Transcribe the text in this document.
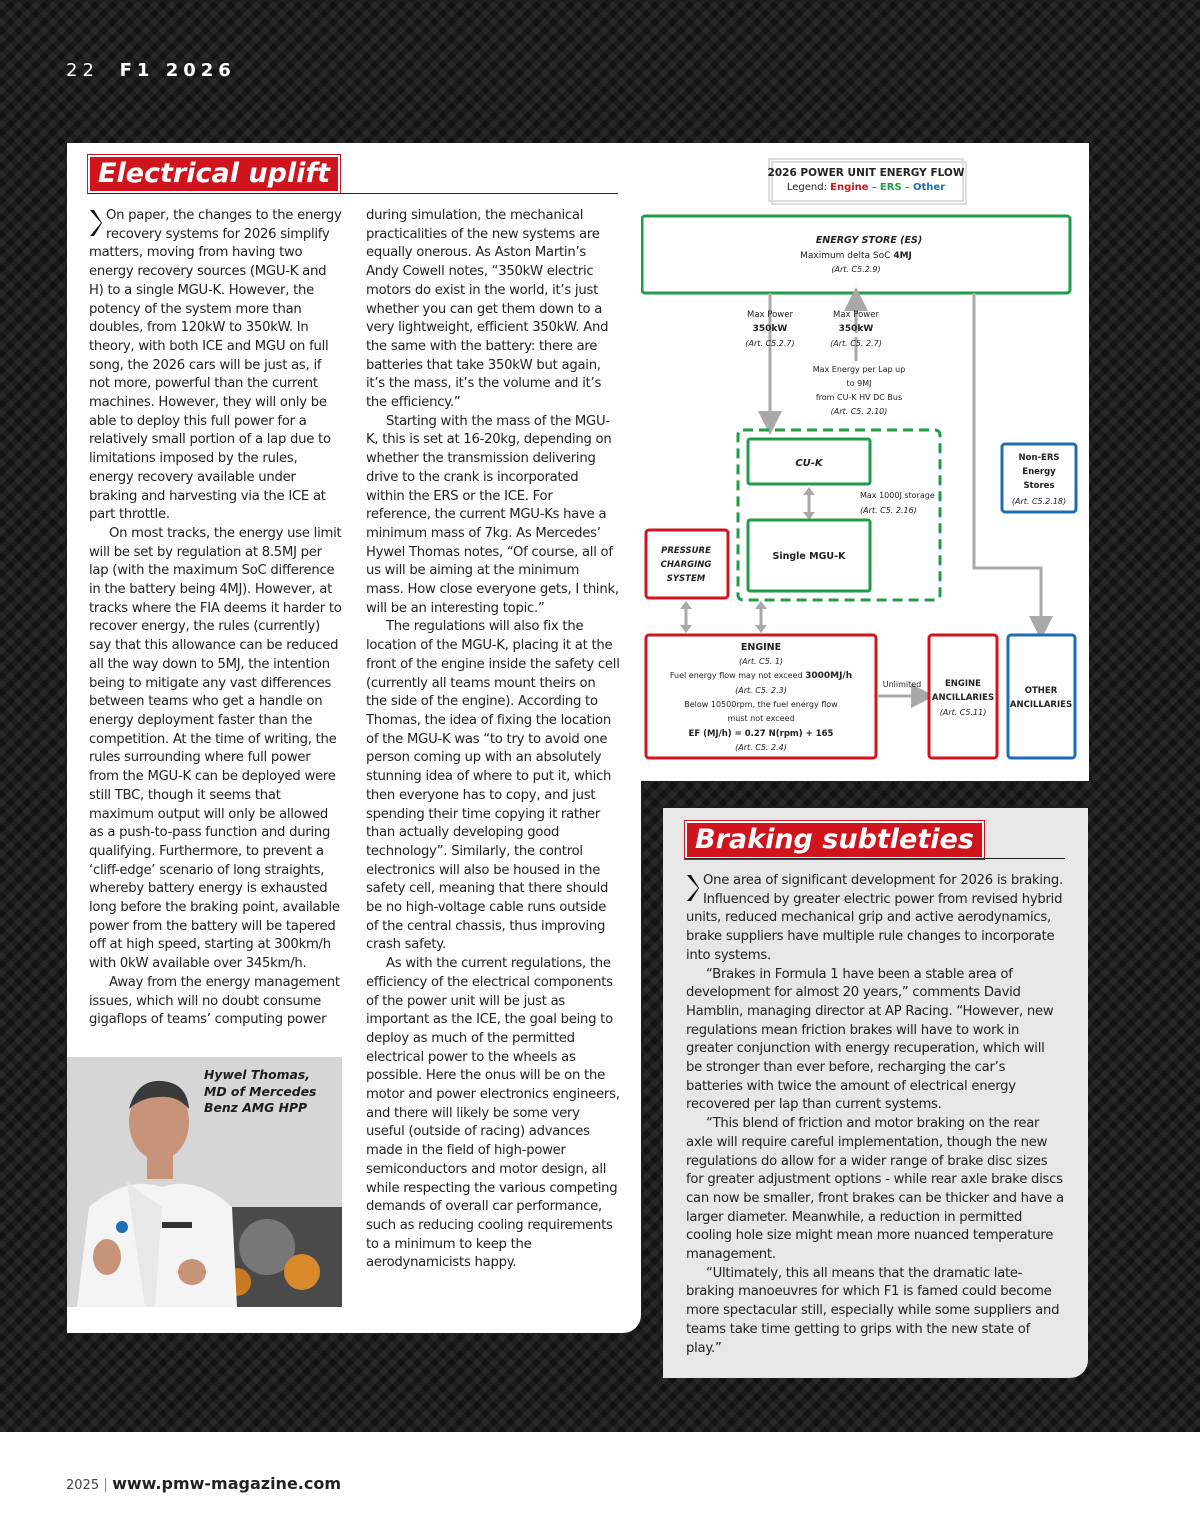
22 F1 2026
Electrical uplift

On paper, the changes to the energy recovery systems for 2026 simplify matters, moving from having two energy recovery sources (MGU-K and H) to a single MGU-K. However, the potency of the system more than doubles, from 120kW to 350kW. In theory, with both ICE and MGU on full song, the 2026 cars will be just as, if not more, powerful than the current machines. However, they will only be able to deploy this full power for a relatively small portion of a lap due to limitations imposed by the rules, energy recovery available under braking and harvesting via the ICE at part throttle.

On most tracks, the energy use limit will be set by regulation at 8.5MJ per lap (with the maximum SoC difference in the battery being 4MJ). However, at tracks where the FIA deems it harder to recover energy, the rules (currently) say that this allowance can be reduced all the way down to 5MJ, the intention being to mitigate any vast differences between teams who get a handle on energy deployment faster than the competition. At the time of writing, the rules surrounding where full power from the MGU-K can be deployed were still TBC, though it seems that maximum output will only be allowed as a push-to-pass function and during qualifying. Furthermore, to prevent a ‘cliff-edge’ scenario of long straights, whereby battery energy is exhausted long before the braking point, available power from the battery will be tapered off at high speed, starting at 300km/h with 0kW available over 345km/h.

Away from the energy management issues, which will no doubt consume gigaflops of teams’ computing power

during simulation, the mechanical practicalities of the new systems are equally onerous. As Aston Martin’s Andy Cowell notes, “350kW electric motors do exist in the world, it’s just whether you can get them down to a very lightweight, efficient 350kW. And the same with the battery: there are batteries that take 350kW but again, it’s the mass, it’s the volume and it’s the efficiency.”

Starting with the mass of the MGU-K, this is set at 16-20kg, depending on whether the transmission delivering drive to the crank is incorporated within the ERS or the ICE. For reference, the current MGU-Ks have a minimum mass of 7kg. As Mercedes’ Hywel Thomas notes, “Of course, all of us will be aiming at the minimum mass. How close everyone gets, I think, will be an interesting topic.”

The regulations will also fix the location of the MGU-K, placing it at the front of the engine inside the safety cell (currently all teams mount theirs on the side of the engine). According to Thomas, the idea of fixing the location of the MGU-K was “to try to avoid one person coming up with an absolutely stunning idea of where to put it, which then everyone has to copy, and just spending their time copying it rather than actually developing good technology”. Similarly, the control electronics will also be housed in the safety cell, meaning that there should be no high-voltage cable runs outside of the central chassis, thus improving crash safety.

As with the current regulations, the efficiency of the electrical components of the power unit will be just as important as the ICE, the goal being to deploy as much of the permitted electrical power to the wheels as possible. Here the onus will be on the motor and power electronics engineers, and there will likely be some very useful (outside of racing) advances made in the field of high-power semiconductors and motor design, all while respecting the various competing demands of overall car performance, such as reducing cooling requirements to a minimum to keep the aerodynamicists happy.

Hywel Thomas, MD of Mercedes Benz AMG HPP
2026 POWER UNIT ENERGY FLOW
Legend: Engine – ERS – Other
ENERGY STORE (ES)
Maximum delta SoC 4MJ
(Art. C5.2.9)
Max Power
350kW
(Art. C5.2.7)
Max Power
350kW
(Art. C5. 2.7)
Max Energy per Lap up
to 9MJ
from CU-K HV DC Bus
(Art. C5. 2.10)
CU-K
Max 1000J storage
(Art. C5. 2.16)
Single MGU-K
PRESSURE
CHARGING
SYSTEM
Non-ERS
Energy
Stores
(Art. C5.2.18)
ENGINE
(Art. C5. 1)
Fuel energy flow may not exceed 3000MJ/h
(Art. C5. 2.3)
Below 10500rpm, the fuel energy flow
must not exceed
EF (MJ/h) = 0.27 N(rpm) + 165
(Art. C5. 2.4)
Unlimited	ENGINE
ANCILLARIES
(Art. C5.11)
OTHER
ANCILLARIES
Braking subtleties

One area of significant development for 2026 is braking. Influenced by greater electric power from revised hybrid units, reduced mechanical grip and active aerodynamics, brake suppliers have multiple rule changes to incorporate into systems.

“Brakes in Formula 1 have been a stable area of development for almost 20 years,” comments David Hamblin, managing director at AP Racing. “However, new regulations mean friction brakes will have to work in greater conjunction with energy recuperation, which will be stronger than ever before, recharging the car’s batteries with twice the amount of electrical energy recovered per lap than current systems.

“This blend of friction and motor braking on the rear axle will require careful implementation, though the new regulations do allow for a wider range of brake disc sizes for greater adjustment options - while rear axle brake discs can now be smaller, front brakes can be thicker and have a larger diameter. Meanwhile, a reduction in permitted cooling hole size might mean more nuanced temperature management.

“Ultimately, this all means that the dramatic late-braking manoeuvres for which F1 is famed could become more spectacular still, especially while some suppliers and teams take time getting to grips with the new state of play.”

2025 www.pmw-magazine.com
